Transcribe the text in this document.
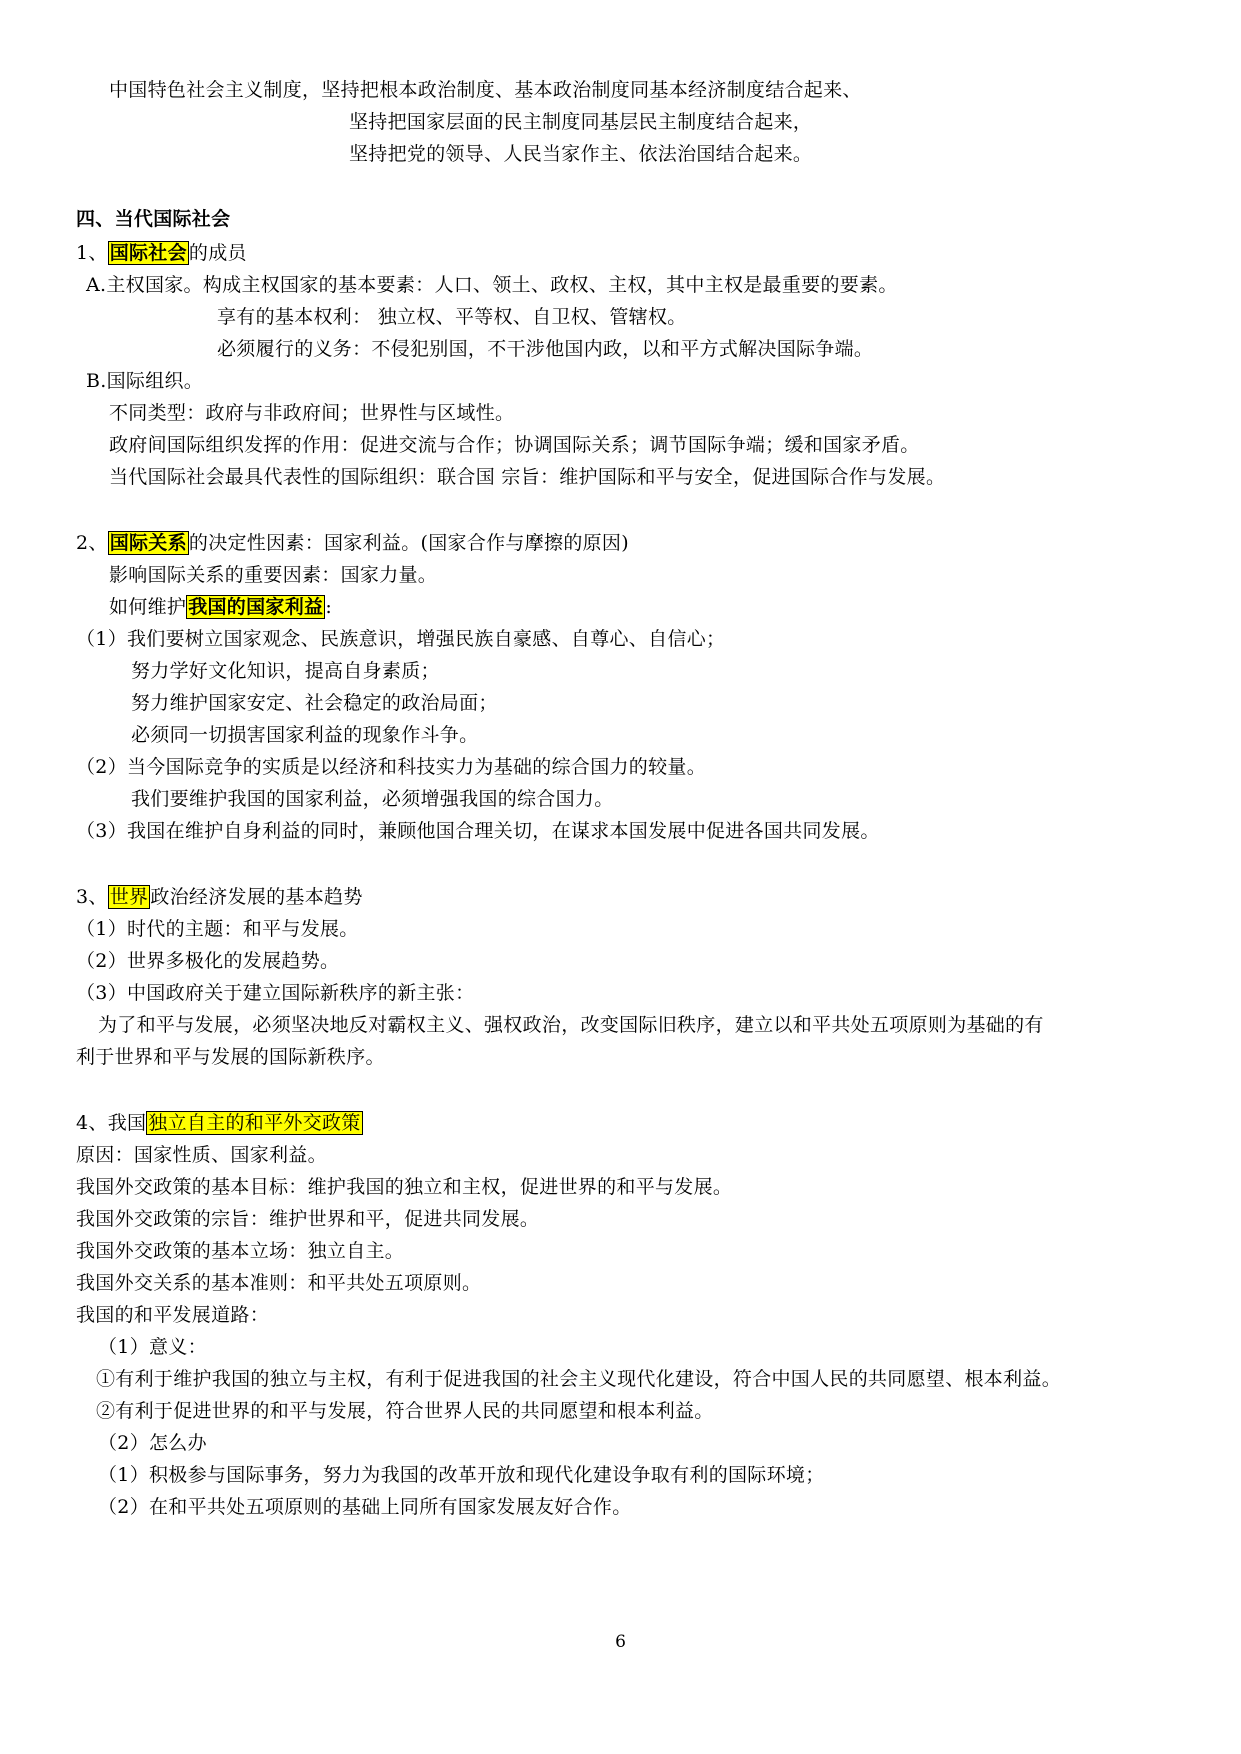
中国特色社会主义制度，坚持把根本政治制度、基本政治制度同基本经济制度结合起来、
坚持把国家层面的民主制度同基层民主制度结合起来，
坚持把党的领导、人民当家作主、依法治国结合起来。
四、当代国际社会
1、 国际社会 的成员
A.主权国家。构成主权国家的基本要素：人口、领土、政权、主权，其中主权是最重要的要素。
享有的基本权利： 独立权、平等权、自卫权、管辖权。
必须履行的义务：不侵犯别国，不干涉他国内政，以和平方式解决国际争端。
B.国际组织。
不同类型：政府与非政府间；世界性与区域性。
政府间国际组织发挥的作用：促进交流与合作；协调国际关系；调节国际争端；缓和国家矛盾。
当代国际社会最具代表性的国际组织：联合国 宗旨：维护国际和平与安全，促进国际合作与发展。
2、 国际关系 的决定性因素：国家利益。(国家合作与摩擦的原因)
影响国际关系的重要因素：国家力量。
如何维护 我国的国家利益 :
（1）我们要树立国家观念、民族意识，增强民族自豪感、自尊心、自信心；
努力学好文化知识，提高自身素质；
努力维护国家安定、社会稳定的政治局面；
必须同一切损害国家利益的现象作斗争。
（2）当今国际竞争的实质是以经济和科技实力为基础的综合国力的较量。
我们要维护我国的国家利益，必须增强我国的综合国力。
（3）我国在维护自身利益的同时，兼顾他国合理关切，在谋求本国发展中促进各国共同发展。
3、 世界 政治经济发展的基本趋势
（1）时代的主题：和平与发展。
（2）世界多极化的发展趋势。
（3）中国政府关于建立国际新秩序的新主张：
为了和平与发展，必须坚决地反对霸权主义、强权政治，改变国际旧秩序，建立以和平共处五项原则为基础的有
利于世界和平与发展的国际新秩序。
4、我国 独立自主的和平外交政策
原因：国家性质、国家利益。
我国外交政策的基本目标：维护我国的独立和主权，促进世界的和平与发展。
我国外交政策的宗旨：维护世界和平，促进共同发展。
我国外交政策的基本立场：独立自主。
我国外交关系的基本准则：和平共处五项原则。
我国的和平发展道路：
（1）意义：
①有利于维护我国的独立与主权，有利于促进我国的社会主义现代化建设，符合中国人民的共同愿望、根本利益。
②有利于促进世界的和平与发展，符合世界人民的共同愿望和根本利益。
（2）怎么办
（1）积极参与国际事务，努力为我国的改革开放和现代化建设争取有利的国际环境；
（2）在和平共处五项原则的基础上同所有国家发展友好合作。
6
